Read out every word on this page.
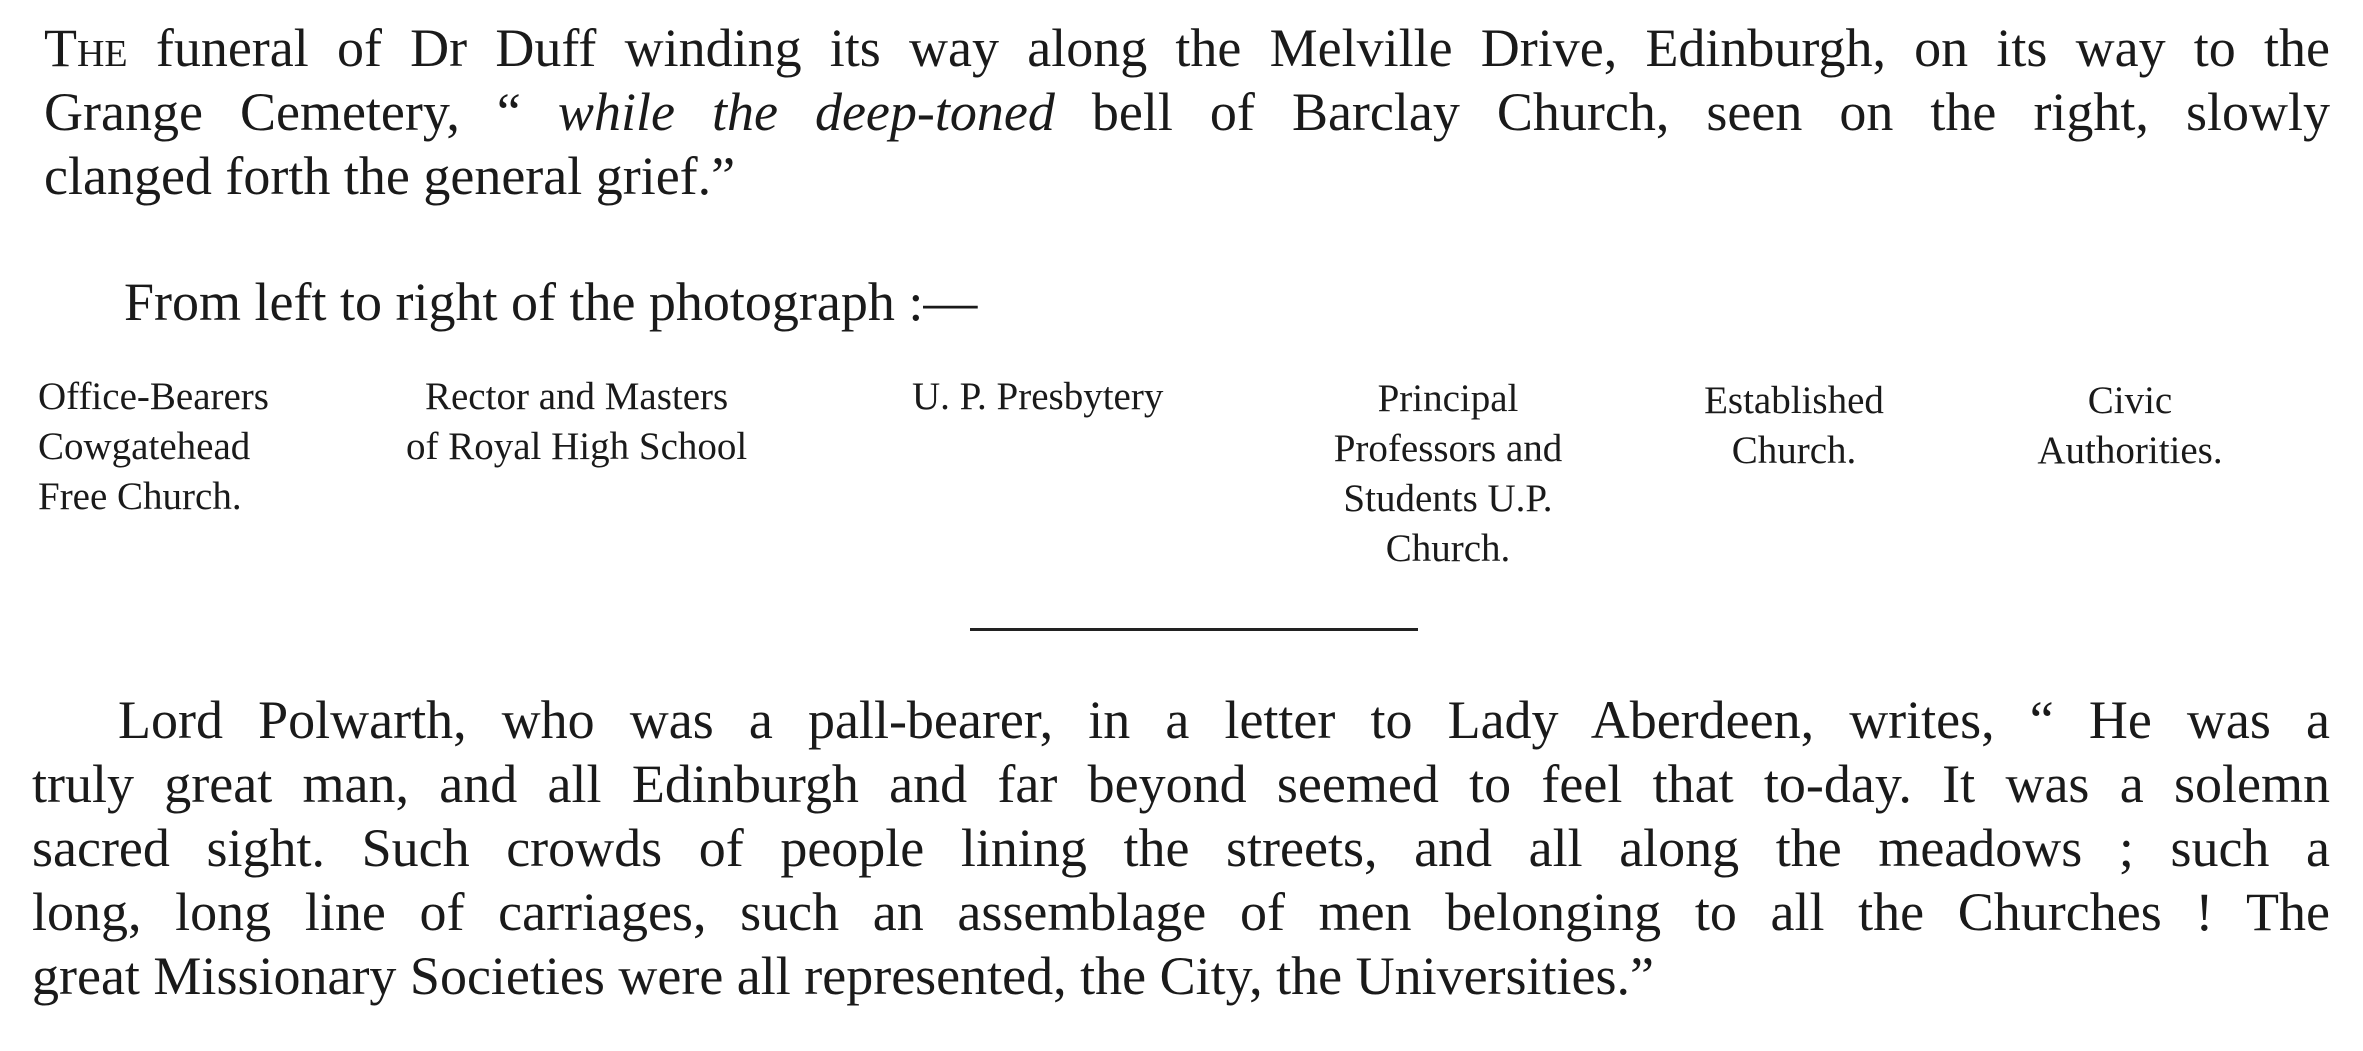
The funeral of Dr Duff winding its way along the Melville Drive, Edinburgh, on its way to the
Grange Cemetery, “ while the deep-toned bell of Barclay Church, seen on the right, slowly
clanged forth the general grief.”
From left to right of the photograph :—
Office-Bearers
Cowgatehead
Free Church.
Rector and Masters
of Royal High School
U. P. Presbytery	Principal
Professors and
Students U.P.
Church.
Established
Church.
Civic
Authorities.
Lord Polwarth, who was a pall-bearer, in a letter to Lady Aberdeen, writes, “ He was a
truly great man, and all Edinburgh and far beyond seemed to feel that to-day. It was a solemn
sacred sight. Such crowds of people lining the streets, and all along the meadows ; such a
long, long line of carriages, such an assemblage of men belonging to all the Churches ! The
great Missionary Societies were all represented, the City, the Universities.”
